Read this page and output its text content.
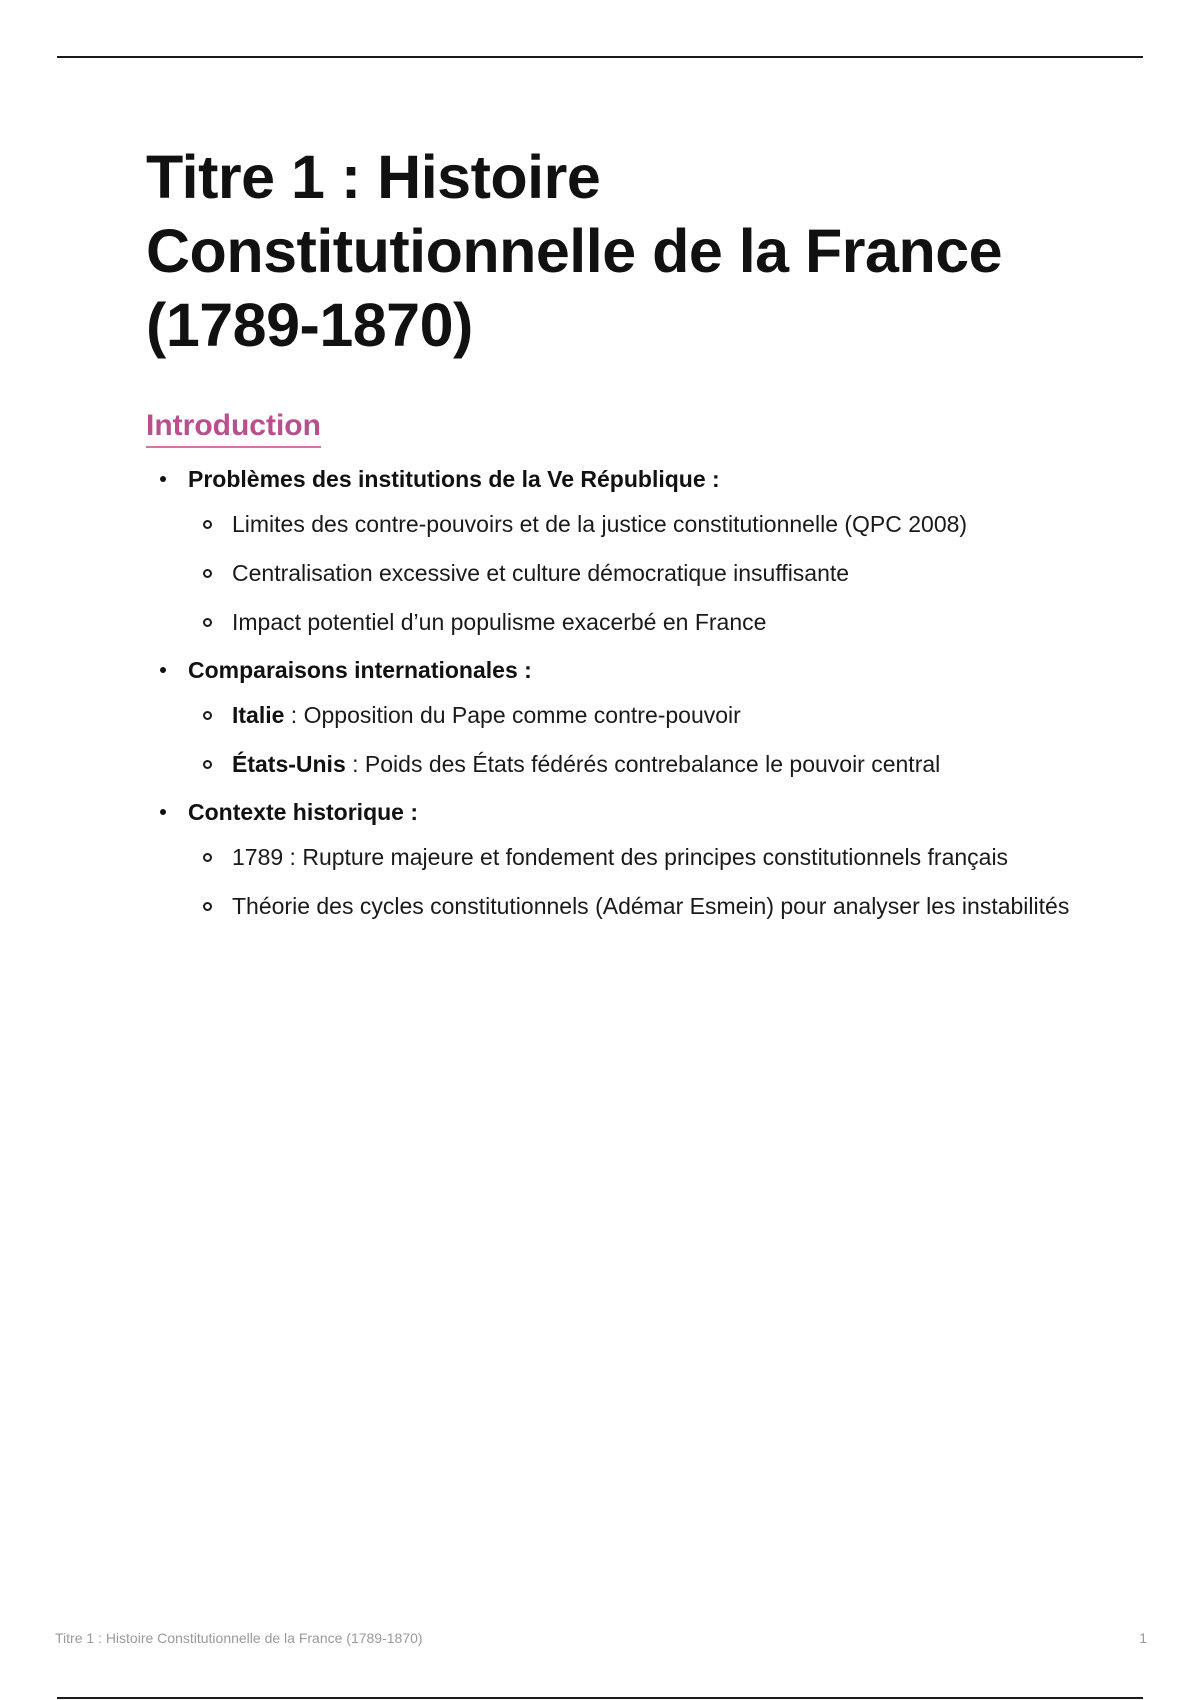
Titre 1 : Histoire Constitutionnelle de la France (1789-1870)
Introduction
Problèmes des institutions de la Ve République :
Limites des contre-pouvoirs et de la justice constitutionnelle (QPC 2008)
Centralisation excessive et culture démocratique insuffisante
Impact potentiel d’un populisme exacerbé en France
Comparaisons internationales :
Italie : Opposition du Pape comme contre-pouvoir
États-Unis : Poids des États fédérés contrebalance le pouvoir central
Contexte historique :
1789 : Rupture majeure et fondement des principes constitutionnels français
Théorie des cycles constitutionnels (Adémar Esmein) pour analyser les instabilités
Titre 1 : Histoire Constitutionnelle de la France (1789-1870)	1
